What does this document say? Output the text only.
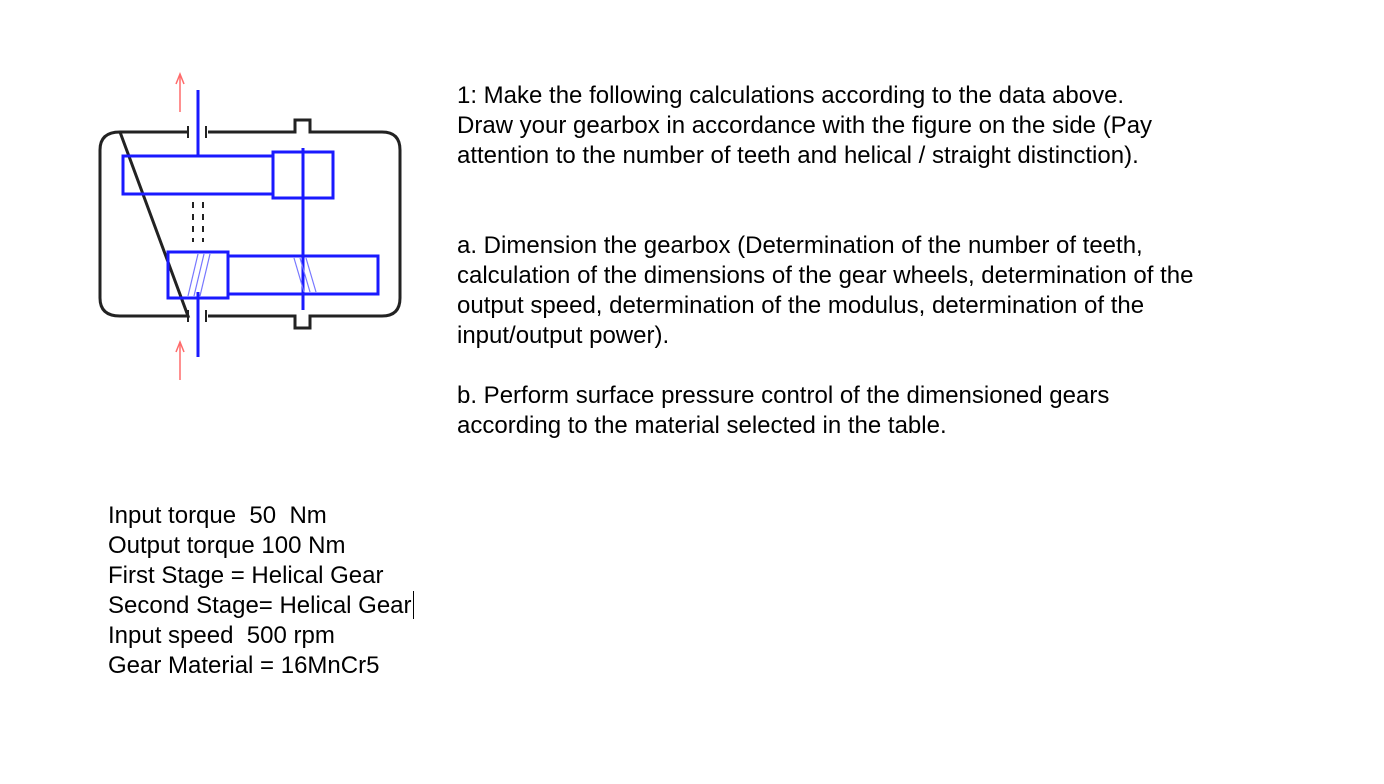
1: Make the following calculations according to the data above.

Draw your gearbox in accordance with the figure on the side (Pay

attention to the number of teeth and helical / straight distinction).

a. Dimension the gearbox (Determination of the number of teeth,

calculation of the dimensions of the gear wheels, determination of the

output speed, determination of the modulus, determination of the

input/output power).

b. Perform surface pressure control of the dimensioned gears

according to the material selected in the table.

Input torque  50  Nm
Output torque 100 Nm
First Stage = Helical Gear
Second Stage= Helical Gear
Input speed  500 rpm
Gear Material = 16MnCr5
